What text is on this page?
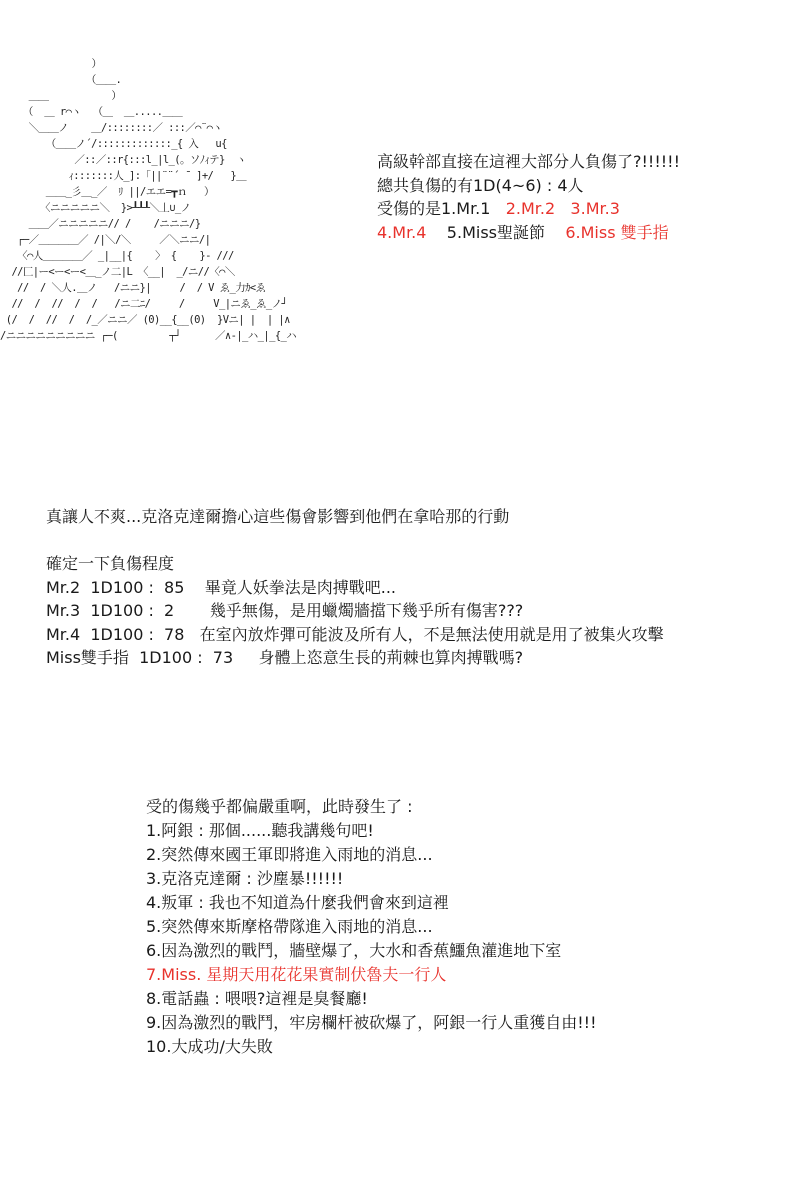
）
（＿＿.
＿＿           ）
（  ＿ r⌒ヽ  （＿  ＿.....＿＿
＼＿＿ノ    ＿/::::::::／ :::／⌒¨⌒ヽ
（＿＿ノ´/:::::::::::::_{ 入   u{
／::／::r{:::l_|l_(。ソﾉｨテ}  ヽ
ｨ:::::::人_]:「||¨¨´ ̄  ]+/   }＿
＿＿_彡＿_／  ﾘ ||/エエ=┳ｎ   ）
〈ニニニニニ＼  }>┸┸┸＼丄∪_ノ
＿＿／ニニニニニ// /    /ニニニ/}
┌─／＿＿＿＿／ /|＼/＼     ／＼ニニ/|
〈⌒人＿＿＿＿／ _|__|{    〉 {    }- ///
//匚|ー<ー<ー<＿_ノ二|L 〈__|  _/ニ//〈⌒＼
//  / ＼人.＿ノ   /ニニ}|     /  / V ゑ_力ｶ<ゑ
//  /  //  /  /   /ニ二ﾆ/     /     V_|ニゑ_ゑ_ノ┘
(/  /  //  /  /_／ニニ／ (0)__{__(0)  }Vニ| |  | |∧
/ニニニニニニニニニ ┌─(         ┬┘      ／∧-|_ハ_|_{_ハ
高級幹部直接在這裡大部分人負傷了?!!!!!!
總共負傷的有1D(4~6) : 4人
受傷的是1.Mr.1   2.Mr.2   3.Mr.3
4.Mr.4    5.Miss聖誕節    6.Miss 雙手指
真讓人不爽...克洛克達爾擔心這些傷會影響到他們在拿哈那的行動

確定一下負傷程度
Mr.2  1D100 :  85    畢竟人妖拳法是肉搏戰吧...
Mr.3  1D100 :  2       幾乎無傷，是用蠟燭牆擋下幾乎所有傷害???
Mr.4  1D100 :  78   在室內放炸彈可能波及所有人，不是無法使用就是用了被集火攻擊
Miss雙手指  1D100 :  73     身體上恣意生長的荊棘也算肉搏戰嗎?
受的傷幾乎都偏嚴重啊，此時發生了 :
1.阿銀 : 那個......聽我講幾句吧!
2.突然傳來國王軍即將進入雨地的消息...
3.克洛克達爾 : 沙塵暴!!!!!!
4.叛軍 : 我也不知道為什麼我們會來到這裡
5.突然傳來斯摩格帶隊進入雨地的消息...
6.因為激烈的戰鬥，牆壁爆了，大水和香蕉鱷魚灌進地下室
7.Miss. 星期天用花花果實制伏魯夫一行人
8.電話蟲 : 喂喂?這裡是臭餐廳!
9.因為激烈的戰鬥，牢房欄杆被砍爆了，阿銀一行人重獲自由!!!
10.大成功/大失敗
